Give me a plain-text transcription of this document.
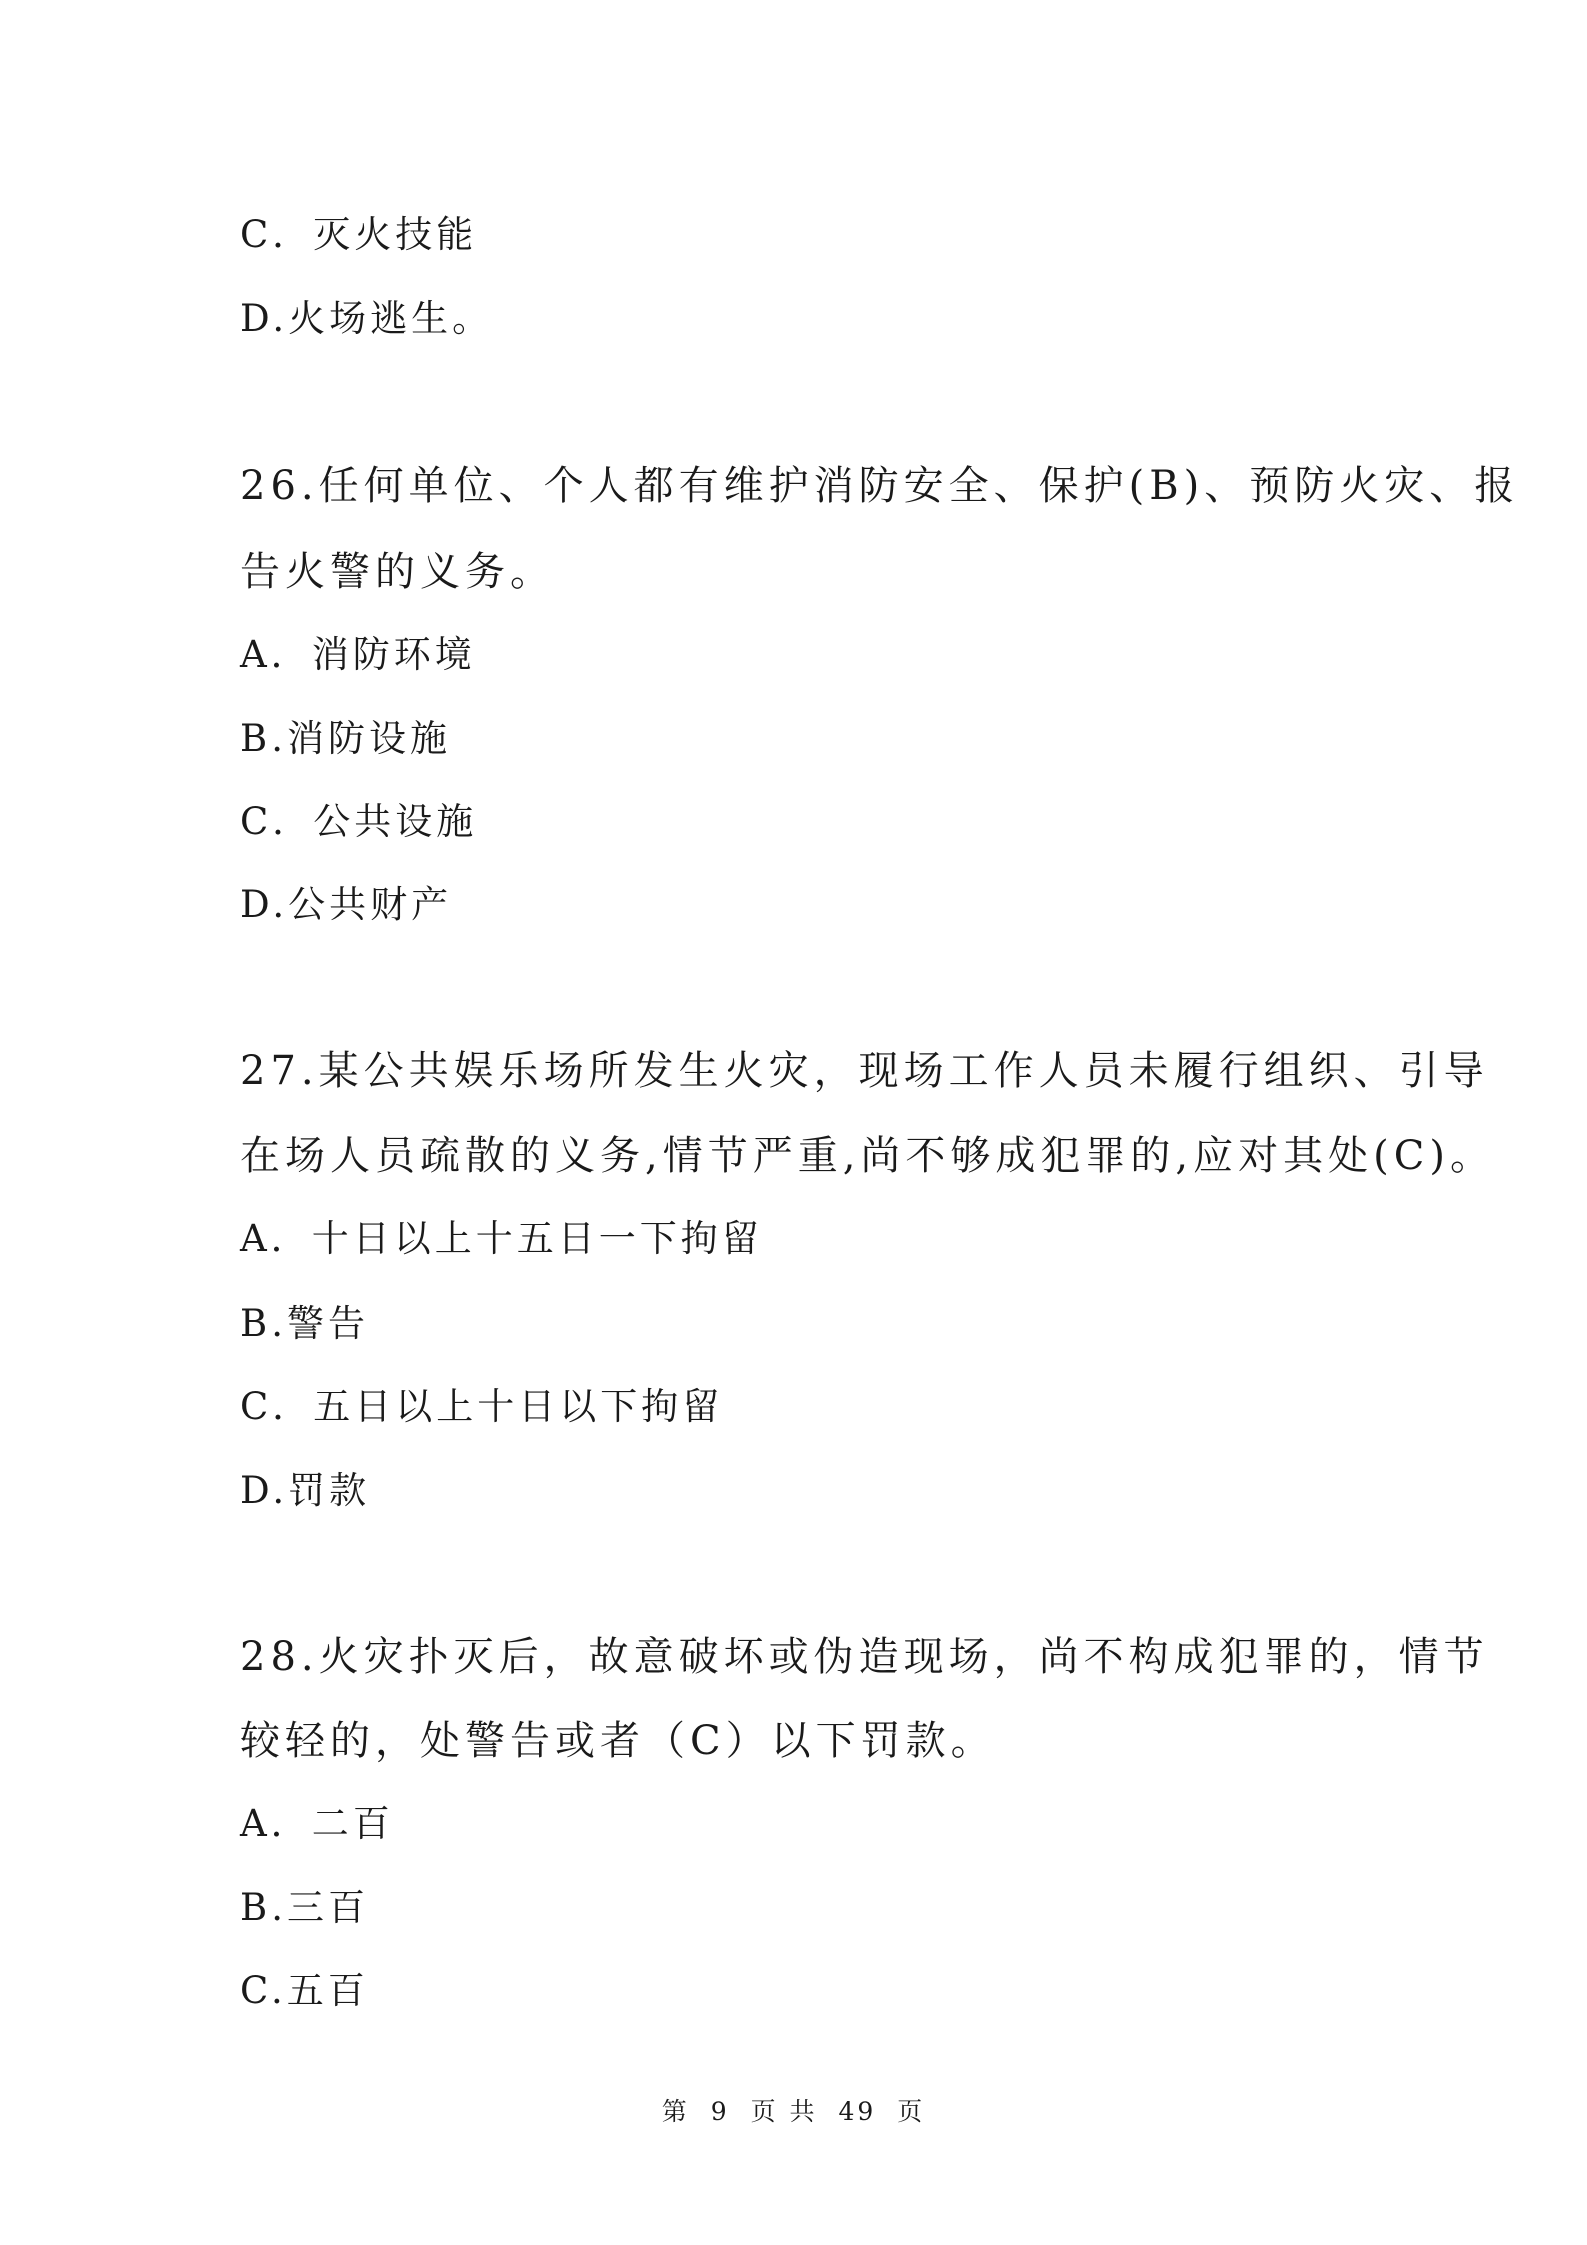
C．灭火技能

D.火场逃生。

26.任何单位、个人都有维护消防安全、保护(B)、预防火灾、报

告火警的义务。

A．消防环境

B.消防设施

C．公共设施

D.公共财产

27.某公共娱乐场所发生火灾，现场工作人员未履行组织、引导

在场人员疏散的义务,情节严重,尚不够成犯罪的,应对其处(C)。

A．十日以上十五日一下拘留

B.警告

C．五日以上十日以下拘留

D.罚款

28.火灾扑灭后，故意破坏或伪造现场，尚不构成犯罪的，情节

较轻的，处警告或者（C）以下罚款。

A．二百

B.三百

C.五百

第 9 页 共 49 页
